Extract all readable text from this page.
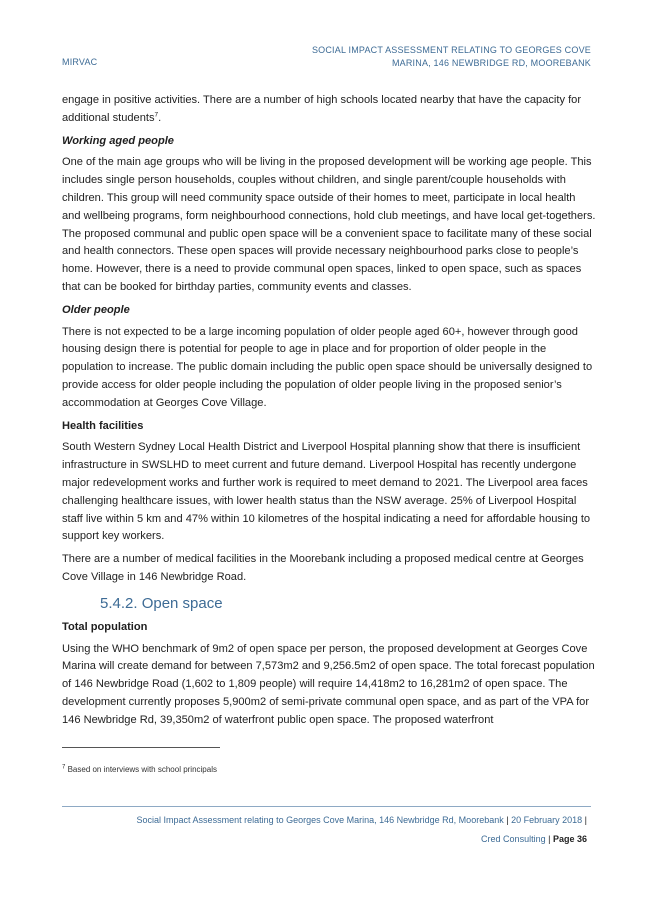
MIRVAC
SOCIAL IMPACT ASSESSMENT RELATING TO GEORGES COVE
MARINA, 146 NEWBRIDGE RD, MOOREBANK

engage in positive activities. There are a number of high schools located nearby that have the capacity for additional students$^7$.

Working aged people

One of the main age groups who will be living in the proposed development will be working age people. This includes single person households, couples without children, and single parent/couple households with children. This group will need community space outside of their homes to meet, participate in local health and wellbeing programs, form neighbourhood connections, hold club meetings, and have local get-togethers. The proposed communal and public open space will be a convenient space to facilitate many of these social and health connectors. These open spaces will provide necessary neighbourhood parks close to people’s home. However, there is a need to provide communal open spaces, linked to open space, such as spaces that can be booked for birthday parties, community events and classes.

Older people

There is not expected to be a large incoming population of older people aged 60+, however through good housing design there is potential for people to age in place and for proportion of older people in the population to increase. The public domain including the public open space should be universally designed to provide access for older people including the population of older people living in the proposed senior’s accommodation at Georges Cove Village.

Health facilities

South Western Sydney Local Health District and Liverpool Hospital planning show that there is insufficient infrastructure in SWSLHD to meet current and future demand. Liverpool Hospital has recently undergone major redevelopment works and further work is required to meet demand to 2021. The Liverpool area faces challenging healthcare issues, with lower health status than the NSW average. 25% of Liverpool Hospital staff live within 5 km and 47% within 10 kilometres of the hospital indicating a need for affordable housing to support key workers.

There are a number of medical facilities in the Moorebank including a proposed medical centre at Georges Cove Village in 146 Newbridge Road.

5.4.2. Open space
Total population

Using the WHO benchmark of 9m2 of open space per person, the proposed development at Georges Cove Marina will create demand for between 7,573m2 and 9,256.5m2 of open space. The total forecast population of 146 Newbridge Road (1,602 to 1,809 people) will require 14,418m2 to 16,281m2 of open space. The development currently proposes 5,900m2 of semi-private communal open space, and as part of the VPA for 146 Newbridge Rd, 39,350m2 of waterfront public open space. The proposed waterfront

$^7$ Based on interviews with school principals
Social Impact Assessment relating to Georges Cove Marina, 146 Newbridge Rd, Moorebank | 20 February 2018 |
Cred Consulting | Page 36
